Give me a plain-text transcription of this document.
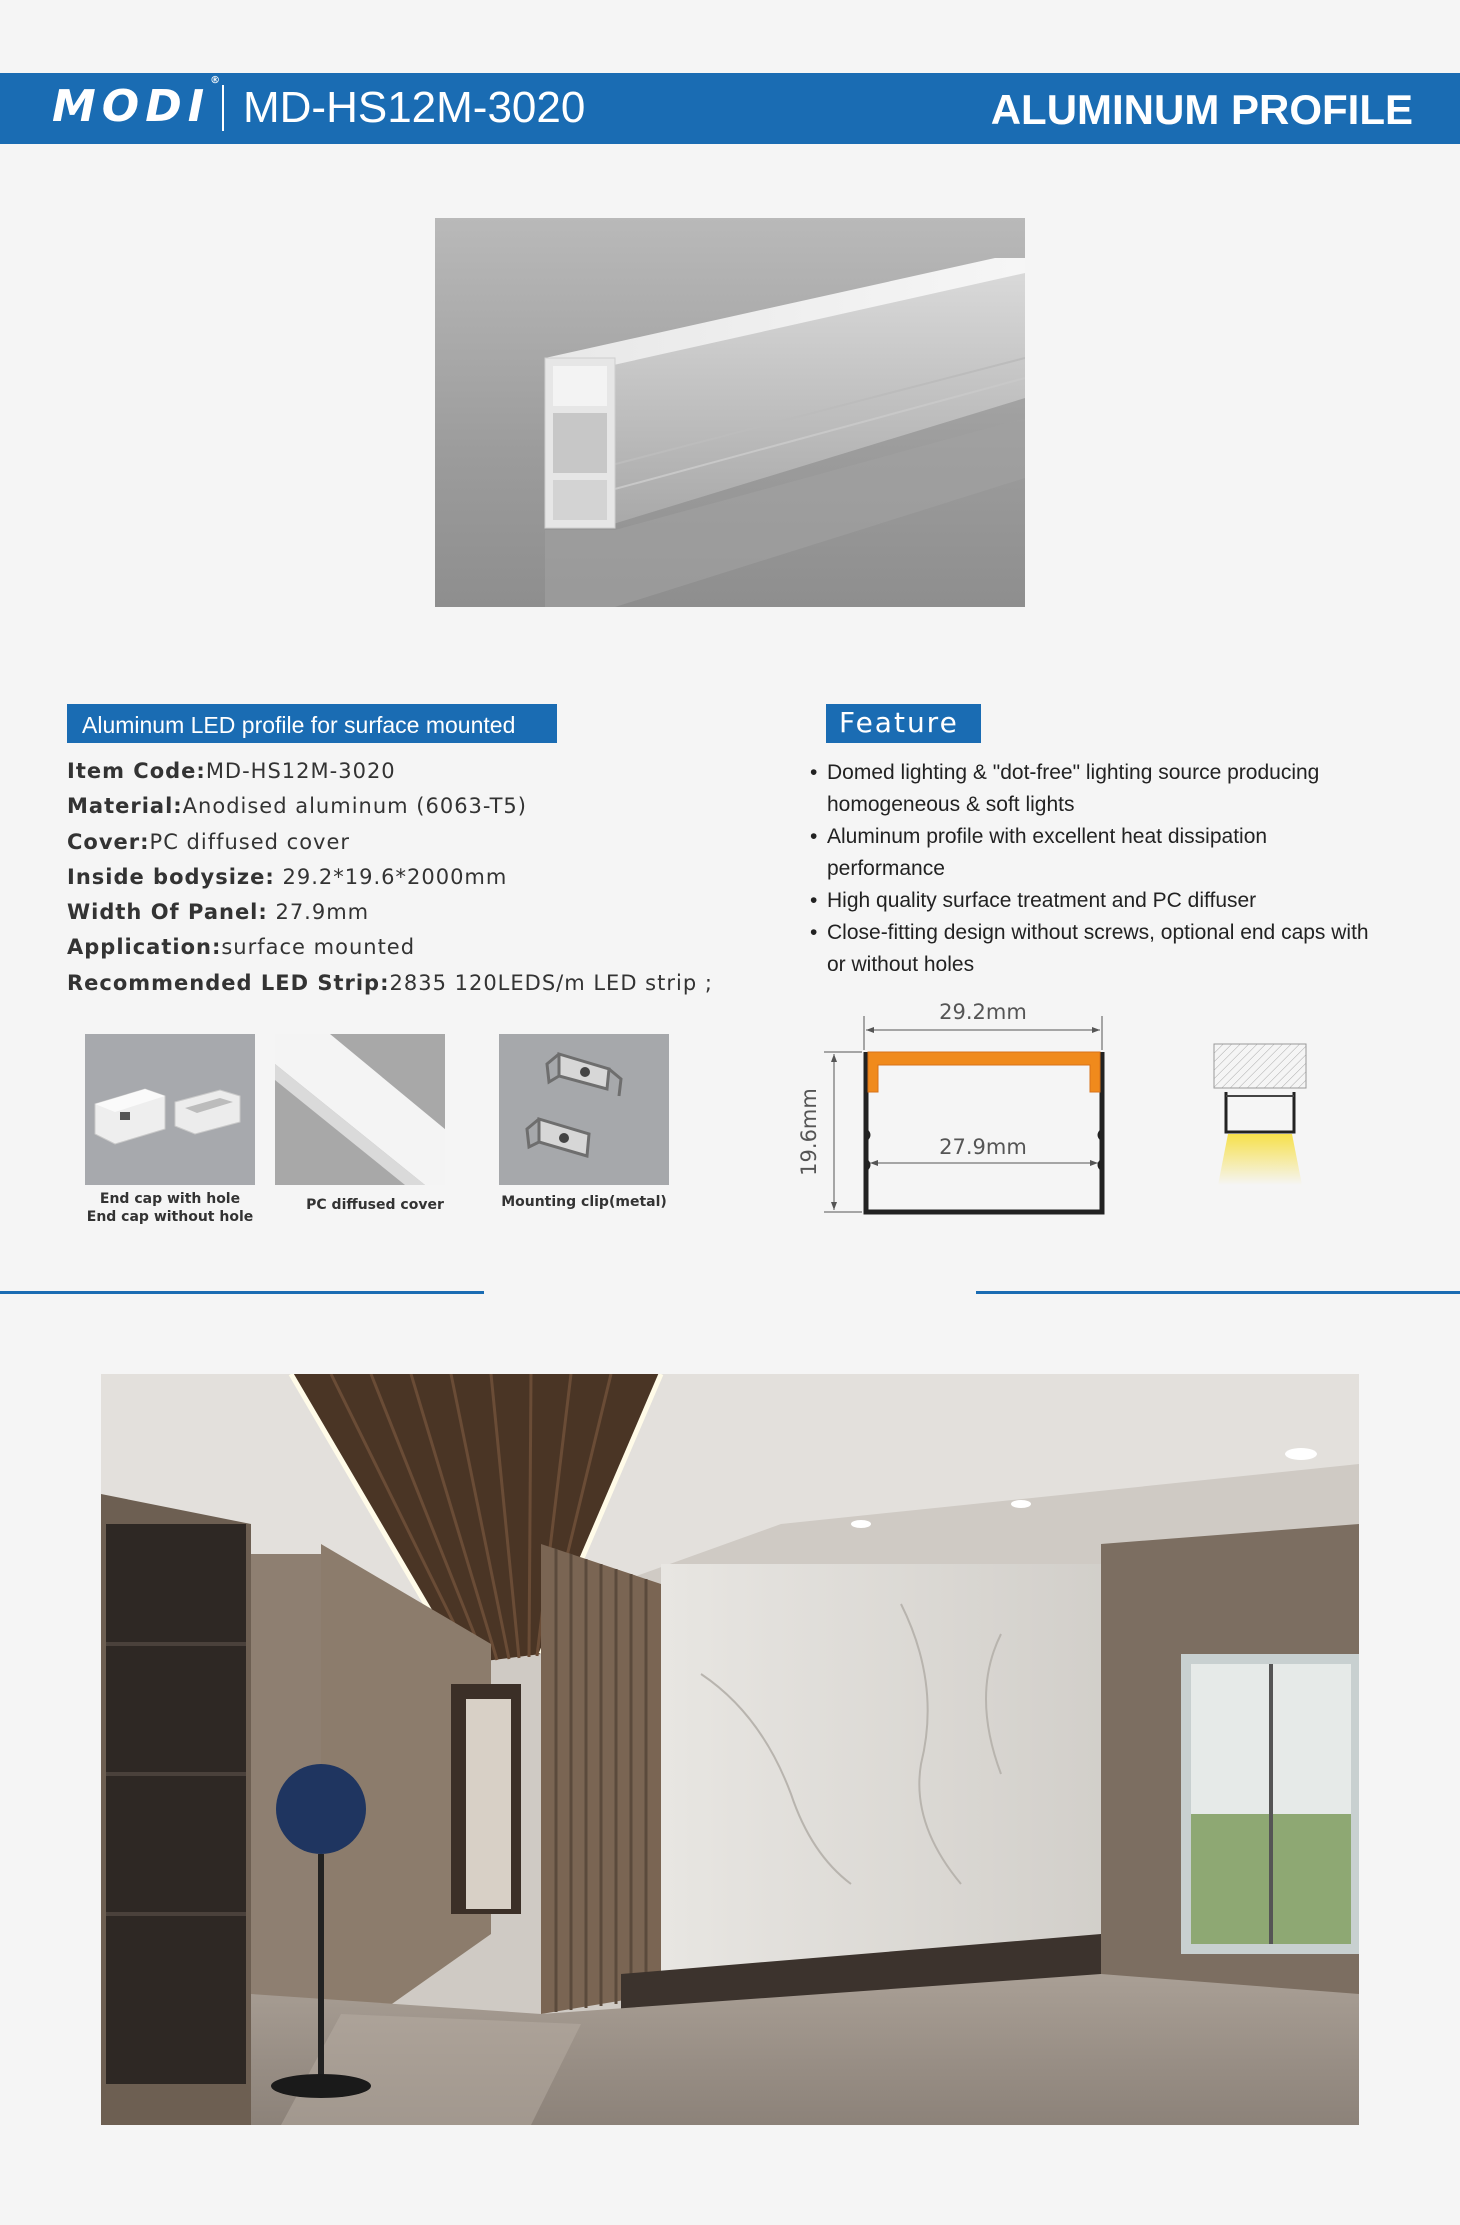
MODI®
MD-HS12M-3020	ALUMINUM PROFILE
Aluminum LED profile for surface mounted
Item Code:MD-HS12M-3020
Material:Anodised aluminum (6063-T5)
Cover:PC diffused cover
Inside bodysize: 29.2*19.6*2000mm
Width Of Panel: 27.9mm
Application:surface mounted
Recommended LED Strip:2835 120LEDS/m LED strip ;
End cap with hole
End cap without hole
PC diffused cover	Mounting clip(metal)
Feature
• Domed lighting & "dot-free" lighting source producing homogeneous & soft lights
• Aluminum profile with excellent heat dissipation performance
• High quality surface treatment and PC diffuser
• Close-fitting design without screws, optional end caps with or without holes
29.2mm
19.6mm	27.9mm
